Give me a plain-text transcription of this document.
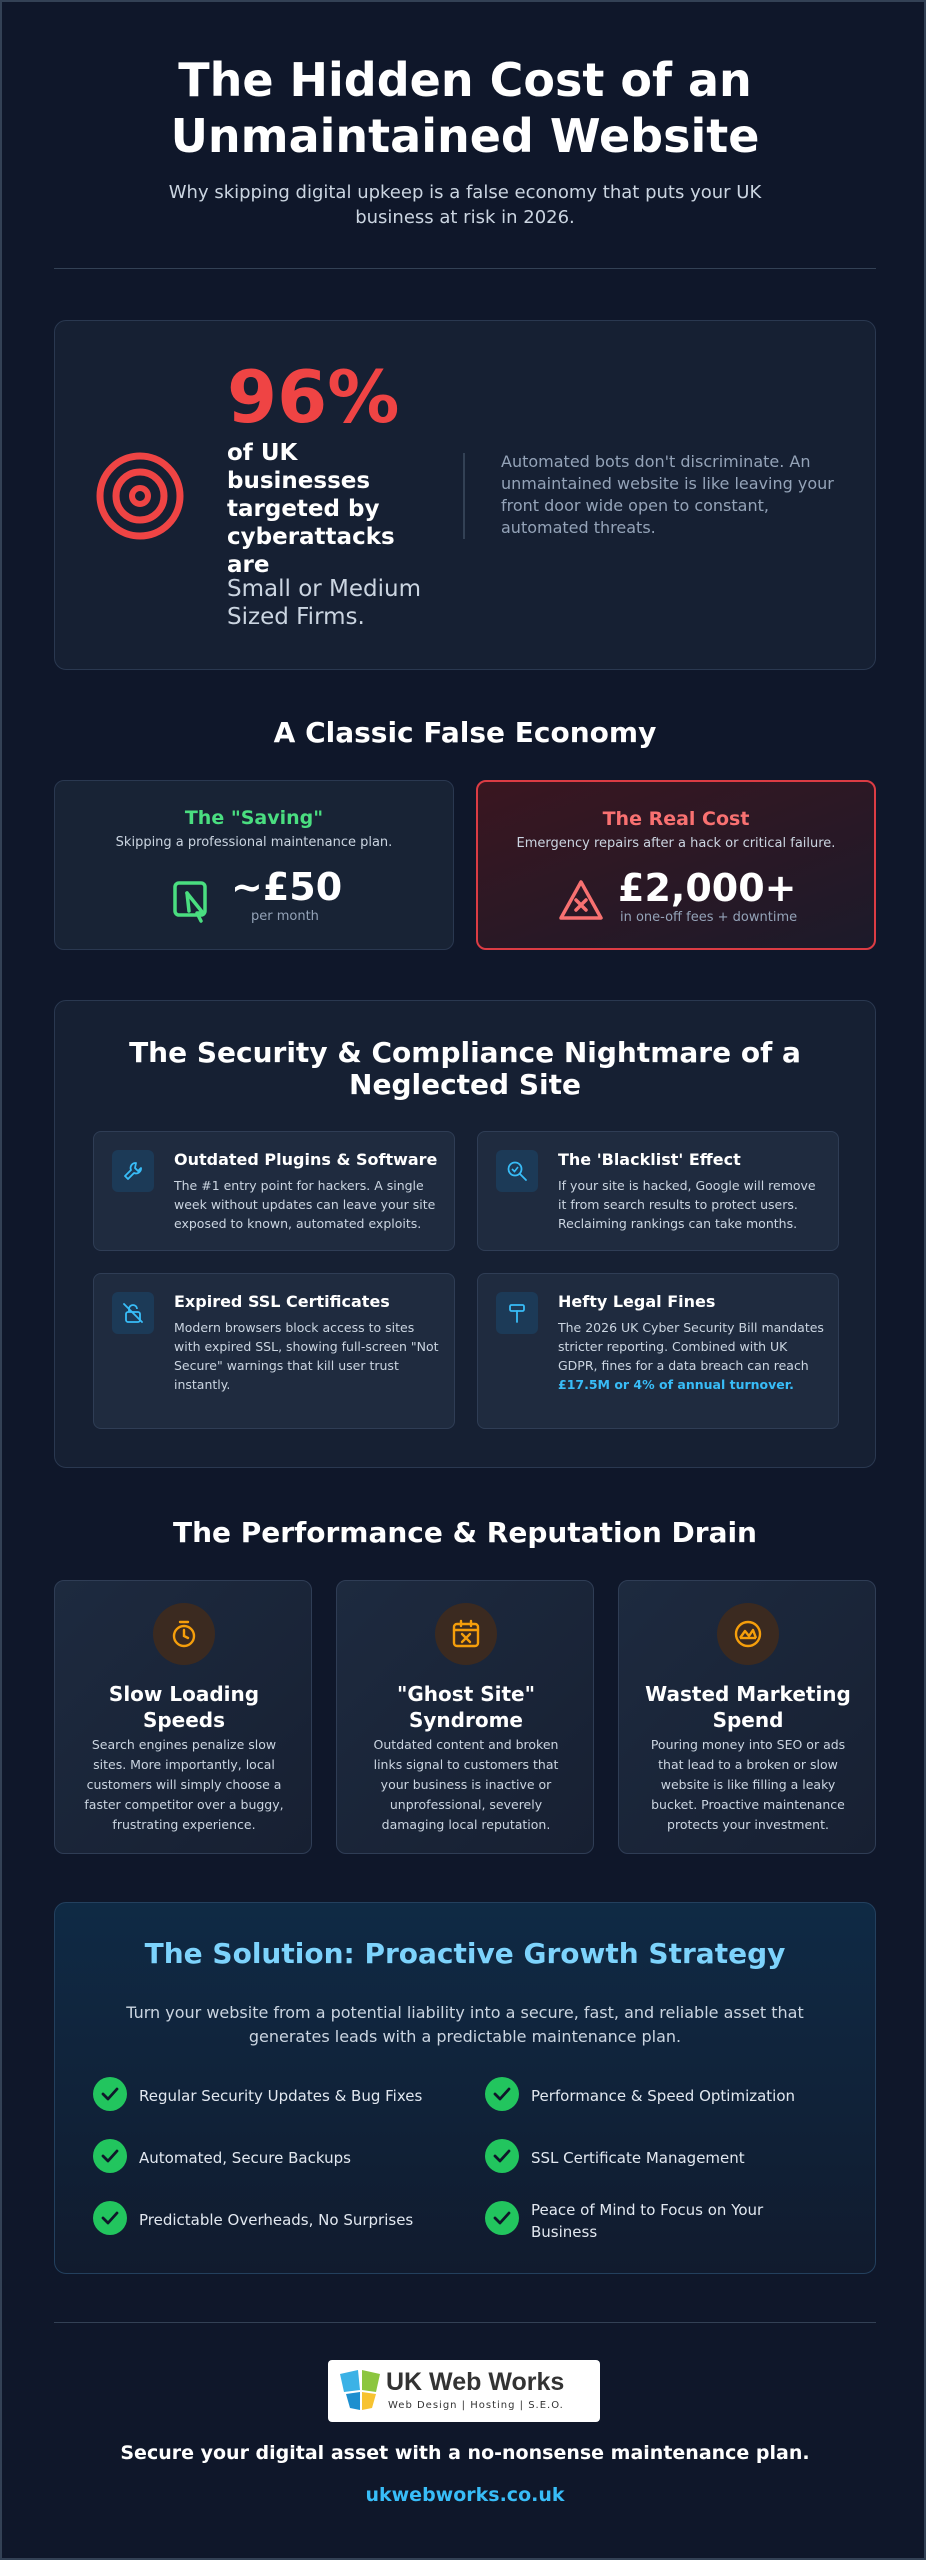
The Hidden Cost of an
Unmaintained Website
Why skipping digital upkeep is a false economy that puts your UK business at risk in 2026.
96%
of UK businesses targeted by cyberattacks are
Small or Medium Sized Firms.
Automated bots don't discriminate. An unmaintained website is like leaving your front door wide open to constant, automated threats.
A Classic False Economy
The "Saving"
Skipping a professional maintenance plan.
~£50
per month
The Real Cost
Emergency repairs after a hack or critical failure.
£2,000+
in one-off fees + downtime
The Security & Compliance Nightmare of a
Neglected Site
Outdated Plugins & Software
The #1 entry point for hackers. A single week without updates can leave your site exposed to known, automated exploits.
The 'Blacklist' Effect
If your site is hacked, Google will remove it from search results to protect users. Reclaiming rankings can take months.
Expired SSL Certificates
Modern browsers block access to sites with expired SSL, showing full-screen "Not Secure" warnings that kill user trust instantly.
Hefty Legal Fines
The 2026 UK Cyber Security Bill mandates stricter reporting. Combined with UK GDPR, fines for a data breach can reach £17.5M or 4% of annual turnover.
The Performance & Reputation Drain
Slow Loading Speeds
Search engines penalize slow sites. More importantly, local customers will simply choose a faster competitor over a buggy, frustrating experience.
"Ghost Site" Syndrome
Outdated content and broken links signal to customers that your business is inactive or unprofessional, severely damaging local reputation.
Wasted Marketing Spend
Pouring money into SEO or ads that lead to a broken or slow website is like filling a leaky bucket. Proactive maintenance protects your investment.
The Solution: Proactive Growth Strategy
Turn your website from a potential liability into a secure, fast, and reliable asset that generates leads with a predictable maintenance plan.
Regular Security Updates & Bug Fixes	Performance & Speed Optimization
Automated, Secure Backups	SSL Certificate Management
Predictable Overheads, No Surprises
Peace of Mind to Focus on Your Business
UK Web Works
Web Design | Hosting | S.E.O.
Secure your digital asset with a no-nonsense maintenance plan.
ukwebworks.co.uk
